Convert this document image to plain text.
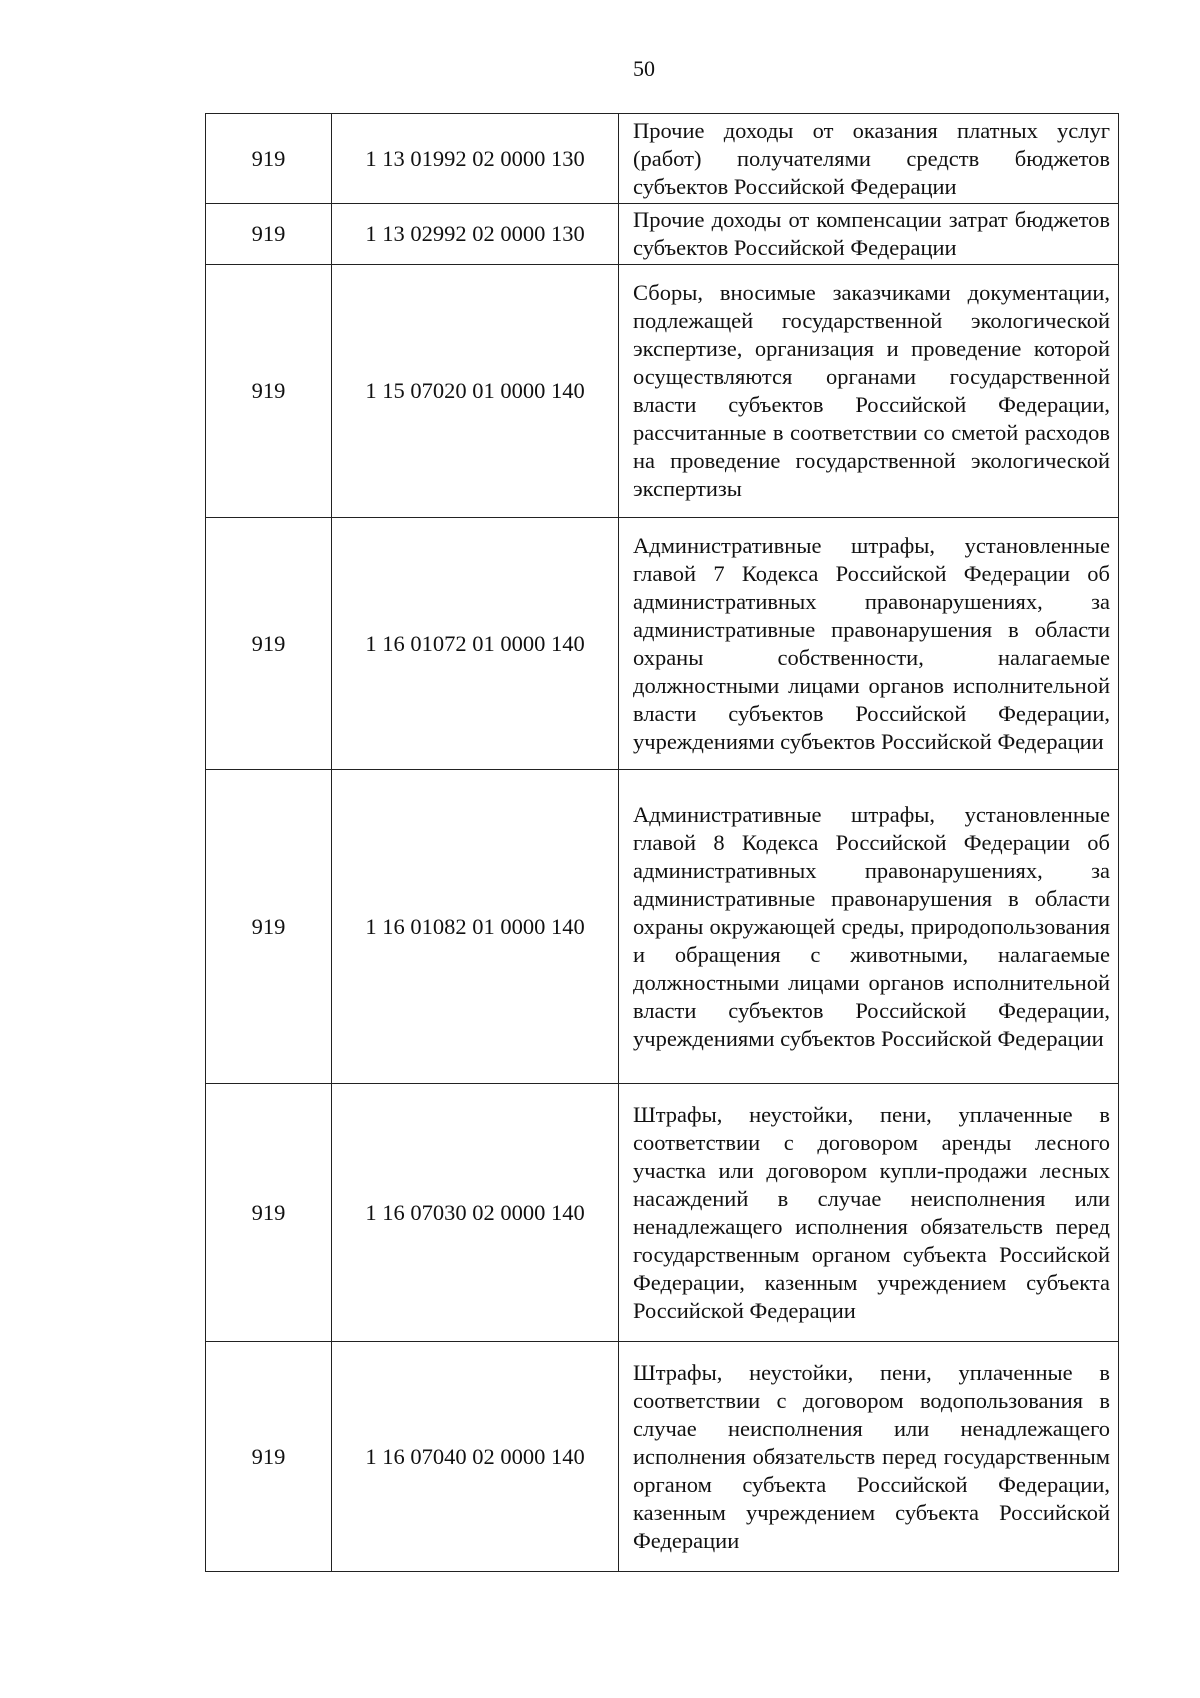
50
919	1 13 01992 02 0000 130	Прочие доходы от оказания платных услуг (работ) получателями средств бюджетов субъектов Российской Федерации
919	1 13 02992 02 0000 130	Прочие доходы от компенсации затрат бюджетов субъектов Российской Федерации
919	1 15 07020 01 0000 140	Сборы, вносимые заказчиками документации, подлежащей государственной экологической экспертизе, организация и проведение которой осуществляются органами государственной власти субъектов Российской Федерации, рассчитанные в соответствии со сметой расходов на проведение государственной экологической экспертизы
919	1 16 01072 01 0000 140	Административные штрафы, установленные главой 7 Кодекса Российской Федерации об административных правонарушениях, за административные правонарушения в области охраны собственности, налагаемые должностными лицами органов исполнительной власти субъектов Российской Федерации, учреждениями субъектов Российской Федерации
919	1 16 01082 01 0000 140	Административные штрафы, установленные главой 8 Кодекса Российской Федерации об административных правонарушениях, за административные правонарушения в области охраны окружающей среды, природопользования и обращения с животными, налагаемые должностными лицами органов исполнительной власти субъектов Российской Федерации, учреждениями субъектов Российской Федерации
919	1 16 07030 02 0000 140	Штрафы, неустойки, пени, уплаченные в соответствии с договором аренды лесного участка или договором купли-продажи лесных насаждений в случае неисполнения или ненадлежащего исполнения обязательств перед государственным органом субъекта Российской Федерации, казенным учреждением субъекта Российской Федерации
919	1 16 07040 02 0000 140	Штрафы, неустойки, пени, уплаченные в соответствии с договором водопользования в случае неисполнения или ненадлежащего исполнения обязательств перед государственным органом субъекта Российской Федерации, казенным учреждением субъекта Российской Федерации
